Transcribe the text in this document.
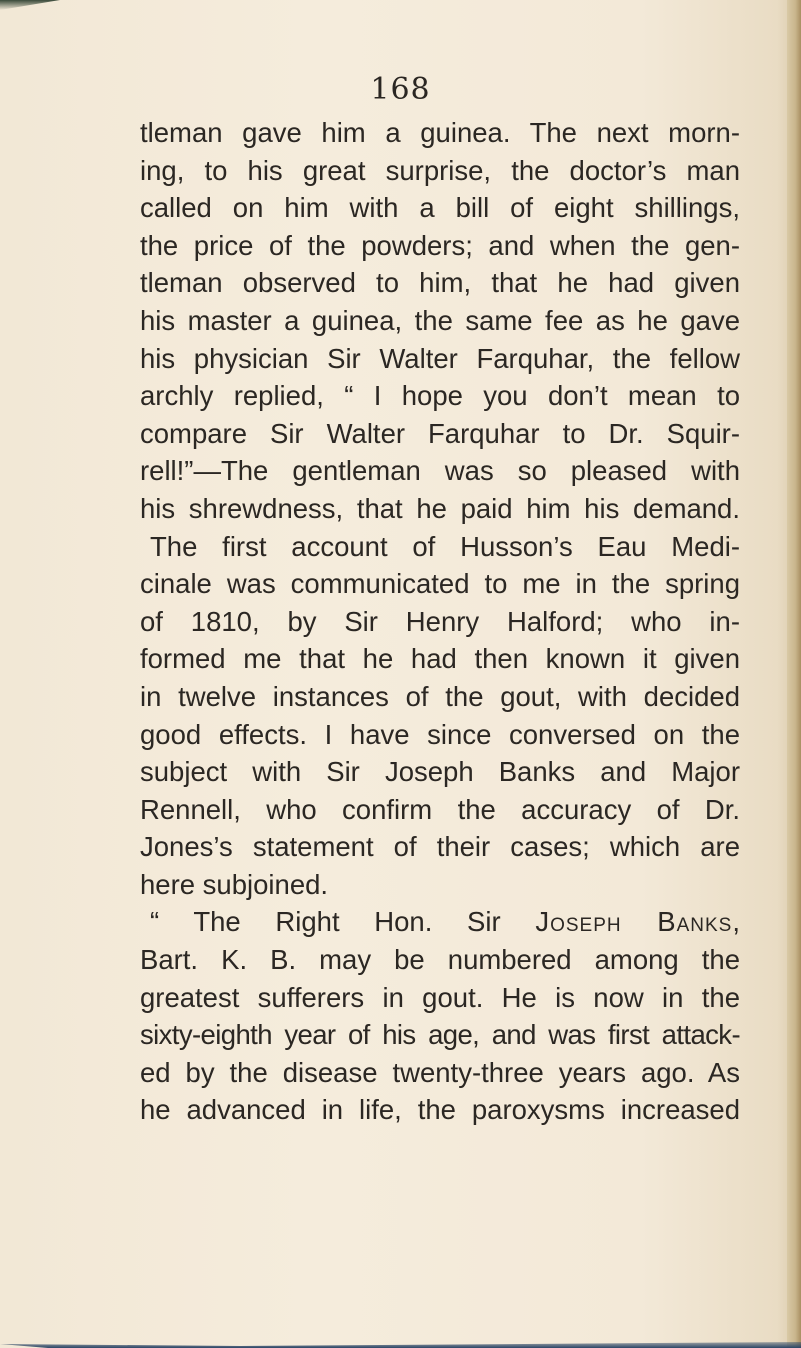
168
tleman gave him a guinea. The next morn-
ing, to his great surprise, the doctor’s man
called on him with a bill of eight shillings,
the price of the powders; and when the gen-
tleman observed to him, that he had given
his master a guinea, the same fee as he gave
his physician Sir Walter Farquhar, the fellow
archly replied, “ I hope you don’t mean to
compare Sir Walter Farquhar to Dr. Squir-
rell!”—The gentleman was so pleased with
his shrewdness, that he paid him his demand.
The first account of Husson’s Eau Medi-
cinale was communicated to me in the spring
of 1810, by Sir Henry Halford; who in-
formed me that he had then known it given
in twelve instances of the gout, with decided
good effects. I have since conversed on the
subject with Sir Joseph Banks and Major
Rennell, who confirm the accuracy of Dr.
Jones’s statement of their cases; which are
here subjoined.
“ The Right Hon. Sir Joseph Banks,
Bart. K. B. may be numbered among the
greatest sufferers in gout. He is now in the
sixty-eighth year of his age, and was first attack-
ed by the disease twenty-three years ago. As
he advanced in life, the paroxysms increased
